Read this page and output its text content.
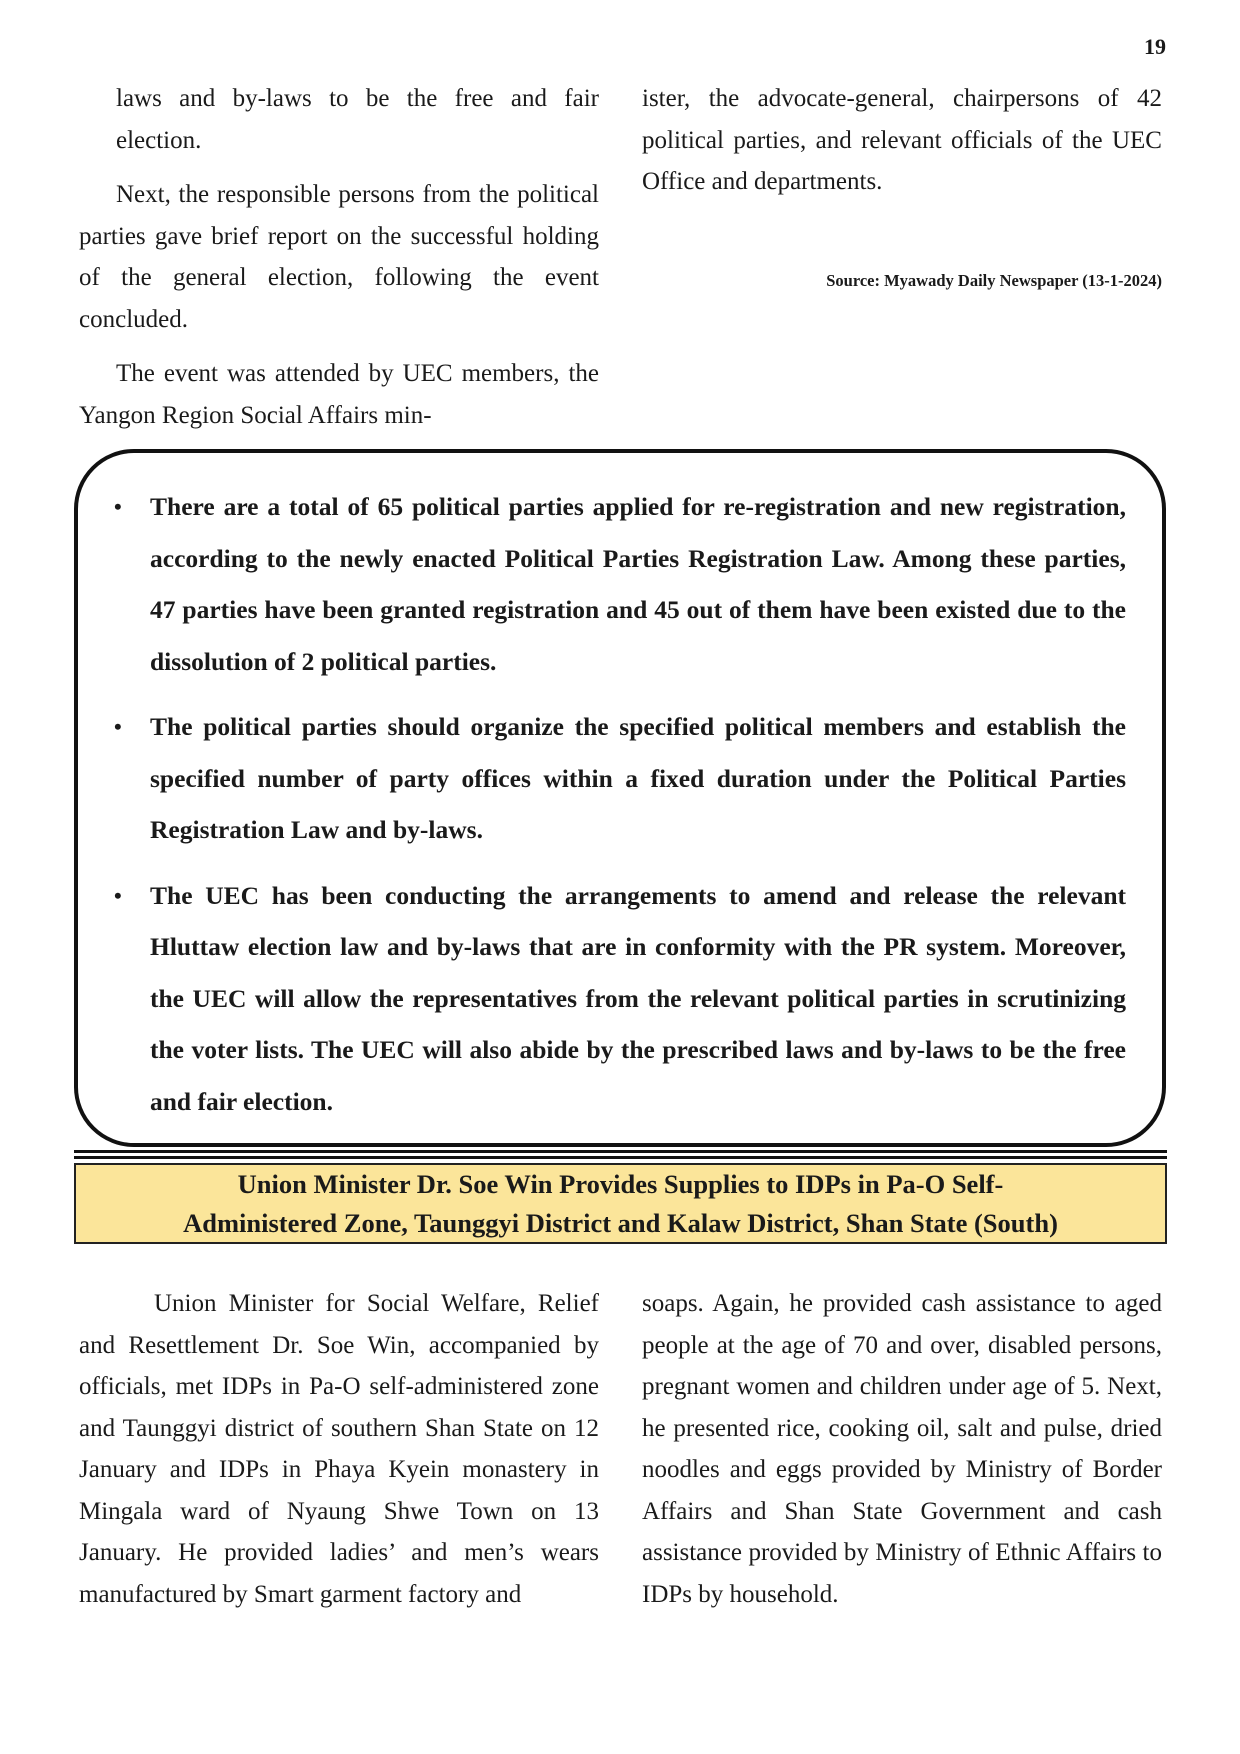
19

laws and by-laws to be the free and fair election.

Next, the responsible persons from the political parties gave brief report on the successful holding of the general election, following the event concluded.

The event was attended by UEC members, the Yangon Region Social Affairs min-

ister, the advocate-general, chairpersons of 42 political parties, and relevant officials of the UEC Office and departments.

Source: Myawady Daily Newspaper (13-1-2024)

• There are a total of 65 political parties applied for re-registration and new registration, according to the newly enacted Political Parties Registration Law. Among these parties, 47 parties have been granted registration and 45 out of them have been existed due to the dissolution of 2 political parties.
• The political parties should organize the specified political members and establish the specified number of party offices within a fixed duration under the Political Parties Registration Law and by-laws.
• The UEC has been conducting the arrangements to amend and release the relevant Hluttaw election law and by-laws that are in conformity with the PR system. Moreover, the UEC will allow the representatives from the relevant political parties in scrutinizing the voter lists. The UEC will also abide by the prescribed laws and by-laws to be the free and fair election.
Union Minister Dr. Soe Win Provides Supplies to IDPs in Pa-O Self-
Administered Zone, Taunggyi District and Kalaw District, Shan State (South)

Union Minister for Social Welfare, Relief and Resettlement Dr. Soe Win, accompanied by officials, met IDPs in Pa-O self-administered zone and Taunggyi district of southern Shan State on 12 January and IDPs in Phaya Kyein monastery in Mingala ward of Nyaung Shwe Town on 13 January. He provided ladies’ and men’s wears manufactured by Smart garment factory and

soaps. Again, he provided cash assistance to aged people at the age of 70 and over, disabled persons, pregnant women and children under age of 5. Next, he presented rice, cooking oil, salt and pulse, dried noodles and eggs provided by Ministry of Border Affairs and Shan State Government and cash assistance provided by Ministry of Ethnic Affairs to IDPs by household.
